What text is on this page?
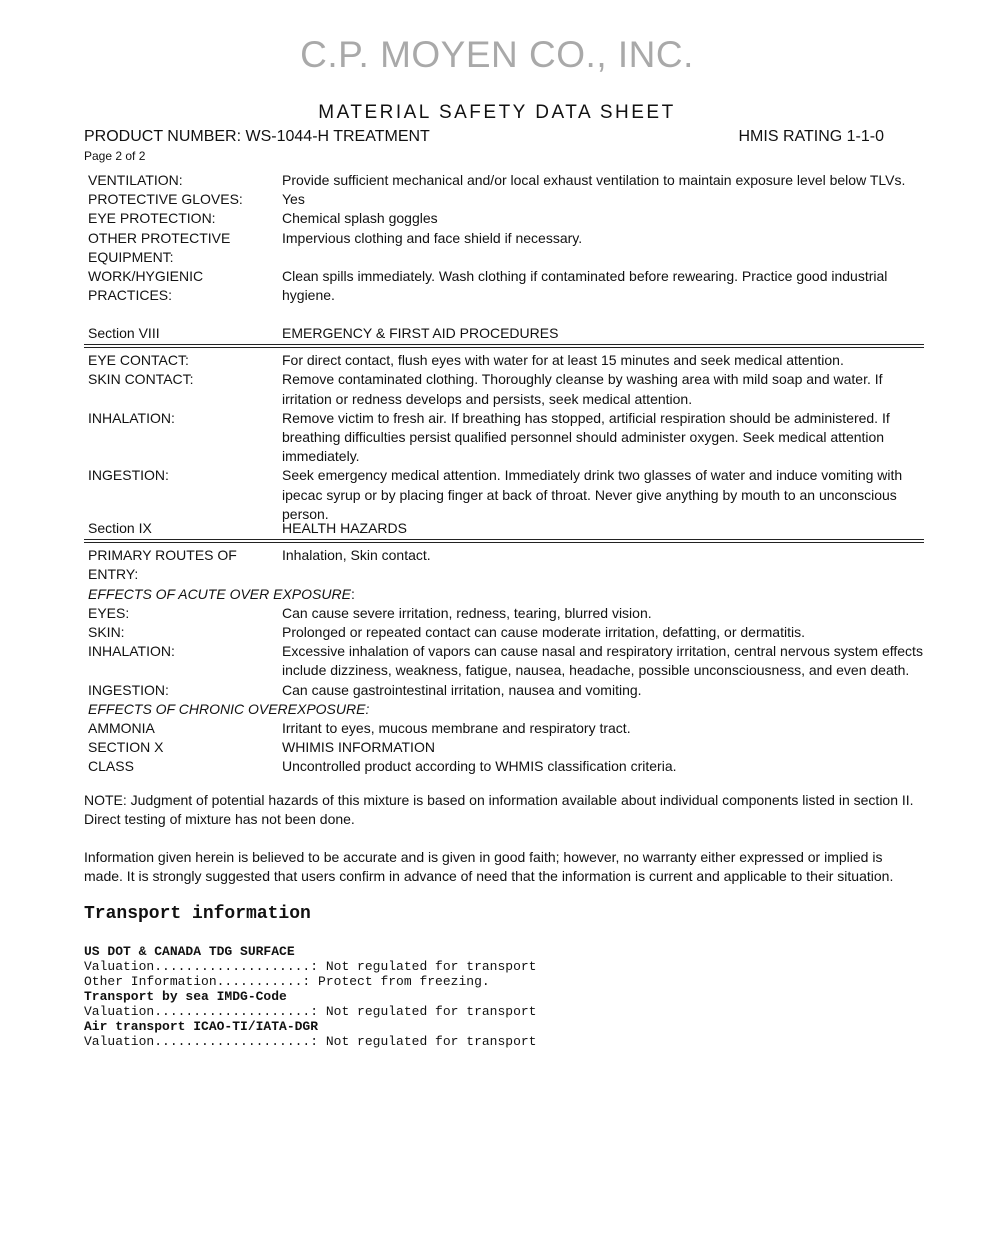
C.P. MOYEN CO., INC.
MATERIAL SAFETY DATA SHEET
PRODUCT NUMBER: WS-1044-H TREATMENT	HMIS RATING 1-1-0
Page 2 of 2
VENTILATION:	Provide sufficient mechanical and/or local exhaust ventilation to maintain exposure level below TLVs.
PROTECTIVE GLOVES:	Yes
EYE PROTECTION:	Chemical splash goggles
OTHER PROTECTIVE EQUIPMENT:
Impervious clothing and face shield if necessary.
WORK/HYGIENIC PRACTICES:
Clean spills immediately. Wash clothing if contaminated before rewearing. Practice good industrial hygiene.
Section VIII	EMERGENCY & FIRST AID PROCEDURES
EYE CONTACT:	For direct contact, flush eyes with water for at least 15 minutes and seek medical attention.
SKIN CONTACT:	Remove contaminated clothing. Thoroughly cleanse by washing area with mild soap and water. If irritation or redness develops and persists, seek medical attention.
INHALATION:	Remove victim to fresh air. If breathing has stopped, artificial respiration should be administered. If breathing difficulties persist qualified personnel should administer oxygen. Seek medical attention immediately.
INGESTION:	Seek emergency medical attention. Immediately drink two glasses of water and induce vomiting with ipecac syrup or by placing finger at back of throat. Never give anything by mouth to an unconscious person.
Section IX	HEALTH HAZARDS
PRIMARY ROUTES OF ENTRY:
Inhalation, Skin contact.
EFFECTS OF ACUTE OVER EXPOSURE:
EYES:	Can cause severe irritation, redness, tearing, blurred vision.
SKIN:	Prolonged or repeated contact can cause moderate irritation, defatting, or dermatitis.
INHALATION:	Excessive inhalation of vapors can cause nasal and respiratory irritation, central nervous system effects include dizziness, weakness, fatigue, nausea, headache, possible unconsciousness, and even death.
INGESTION:	Can cause gastrointestinal irritation, nausea and vomiting.
EFFECTS OF CHRONIC OVEREXPOSURE:
AMMONIA	Irritant to eyes, mucous membrane and respiratory tract.
SECTION X	WHIMIS INFORMATION
CLASS	Uncontrolled product according to WHMIS classification criteria.
NOTE: Judgment of potential hazards of this mixture is based on information available about individual components listed in section II. Direct testing of mixture has not been done.
Information given herein is believed to be accurate and is given in good faith; however, no warranty either expressed or implied is made. It is strongly suggested that users confirm in advance of need that the information is current and applicable to their situation.
Transport information
US DOT & CANADA TDG SURFACE
Valuation....................: Not regulated for transport
Other Information...........: Protect from freezing.
Transport by sea IMDG-Code
Valuation....................: Not regulated for transport
Air transport ICAO-TI/IATA-DGR
Valuation....................: Not regulated for transport
